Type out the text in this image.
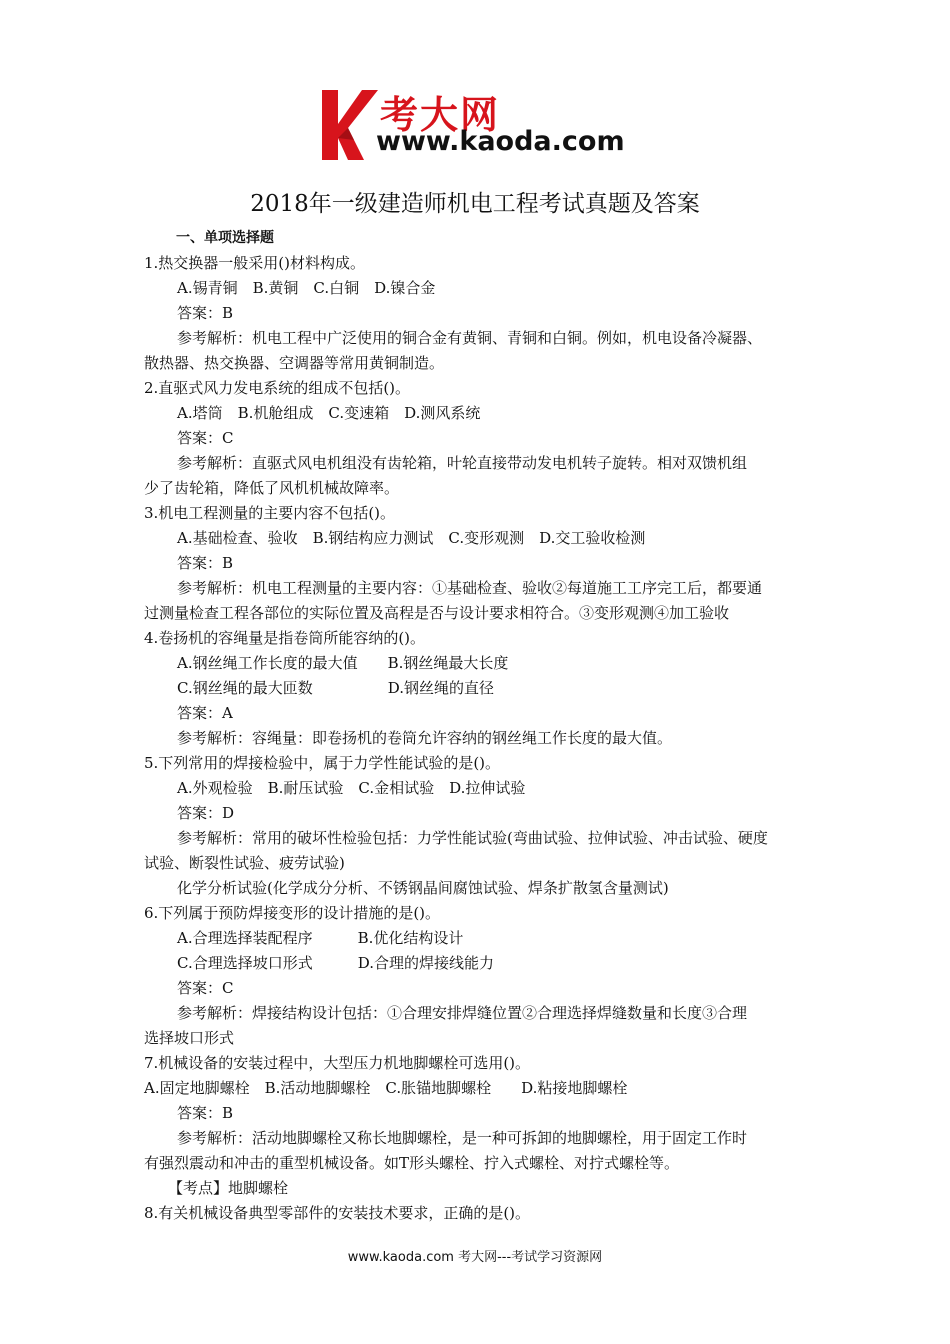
考大网
www.kaoda.com
2018年一级建造师机电工程考试真题及答案
一、单项选择题
1.热交换器一般采用()材料构成。
A.锡青铜　B.黄铜　C.白铜　D.镍合金
答案：B
参考解析：机电工程中广泛使用的铜合金有黄铜、青铜和白铜。例如，机电设备冷凝器、
散热器、热交换器、空调器等常用黄铜制造。
2.直驱式风力发电系统的组成不包括()。
A.塔筒　B.机舱组成　C.变速箱　D.测风系统
答案：C
参考解析：直驱式风电机组没有齿轮箱，叶轮直接带动发电机转子旋转。相对双馈机组
少了齿轮箱，降低了风机机械故障率。
3.机电工程测量的主要内容不包括()。
A.基础检查、验收　B.钢结构应力测试　C.变形观测　D.交工验收检测
答案：B
参考解析：机电工程测量的主要内容：①基础检查、验收②每道施工工序完工后，都要通
过测量检查工程各部位的实际位置及高程是否与设计要求相符合。③变形观测④加工验收
4.卷扬机的容绳量是指卷筒所能容纳的()。
A.钢丝绳工作长度的最大值　　B.钢丝绳最大长度
C.钢丝绳的最大匝数　　　　　D.钢丝绳的直径
答案：A
参考解析：容绳量：即卷扬机的卷筒允许容纳的钢丝绳工作长度的最大值。
5.下列常用的焊接检验中，属于力学性能试验的是()。
A.外观检验　B.耐压试验　C.金相试验　D.拉伸试验
答案：D
参考解析：常用的破坏性检验包括：力学性能试验(弯曲试验、拉伸试验、冲击试验、硬度
试验、断裂性试验、疲劳试验)
化学分析试验(化学成分分析、不锈钢晶间腐蚀试验、焊条扩散氢含量测试)
6.下列属于预防焊接变形的设计措施的是()。
A.合理选择装配程序　　　B.优化结构设计
C.合理选择坡口形式　　　D.合理的焊接线能力
答案：C
参考解析：焊接结构设计包括：①合理安排焊缝位置②合理选择焊缝数量和长度③合理
选择坡口形式
7.机械设备的安装过程中，大型压力机地脚螺栓可选用()。
A.固定地脚螺栓　B.活动地脚螺栓　C.胀锚地脚螺栓　　D.粘接地脚螺栓
答案：B
参考解析：活动地脚螺栓又称长地脚螺栓，是一种可拆卸的地脚螺栓，用于固定工作时
有强烈震动和冲击的重型机械设备。如T形头螺栓、拧入式螺栓、对拧式螺栓等。
【考点】地脚螺栓
8.有关机械设备典型零部件的安装技术要求，正确的是()。
www.kaoda.com 考大网---考试学习资源网
